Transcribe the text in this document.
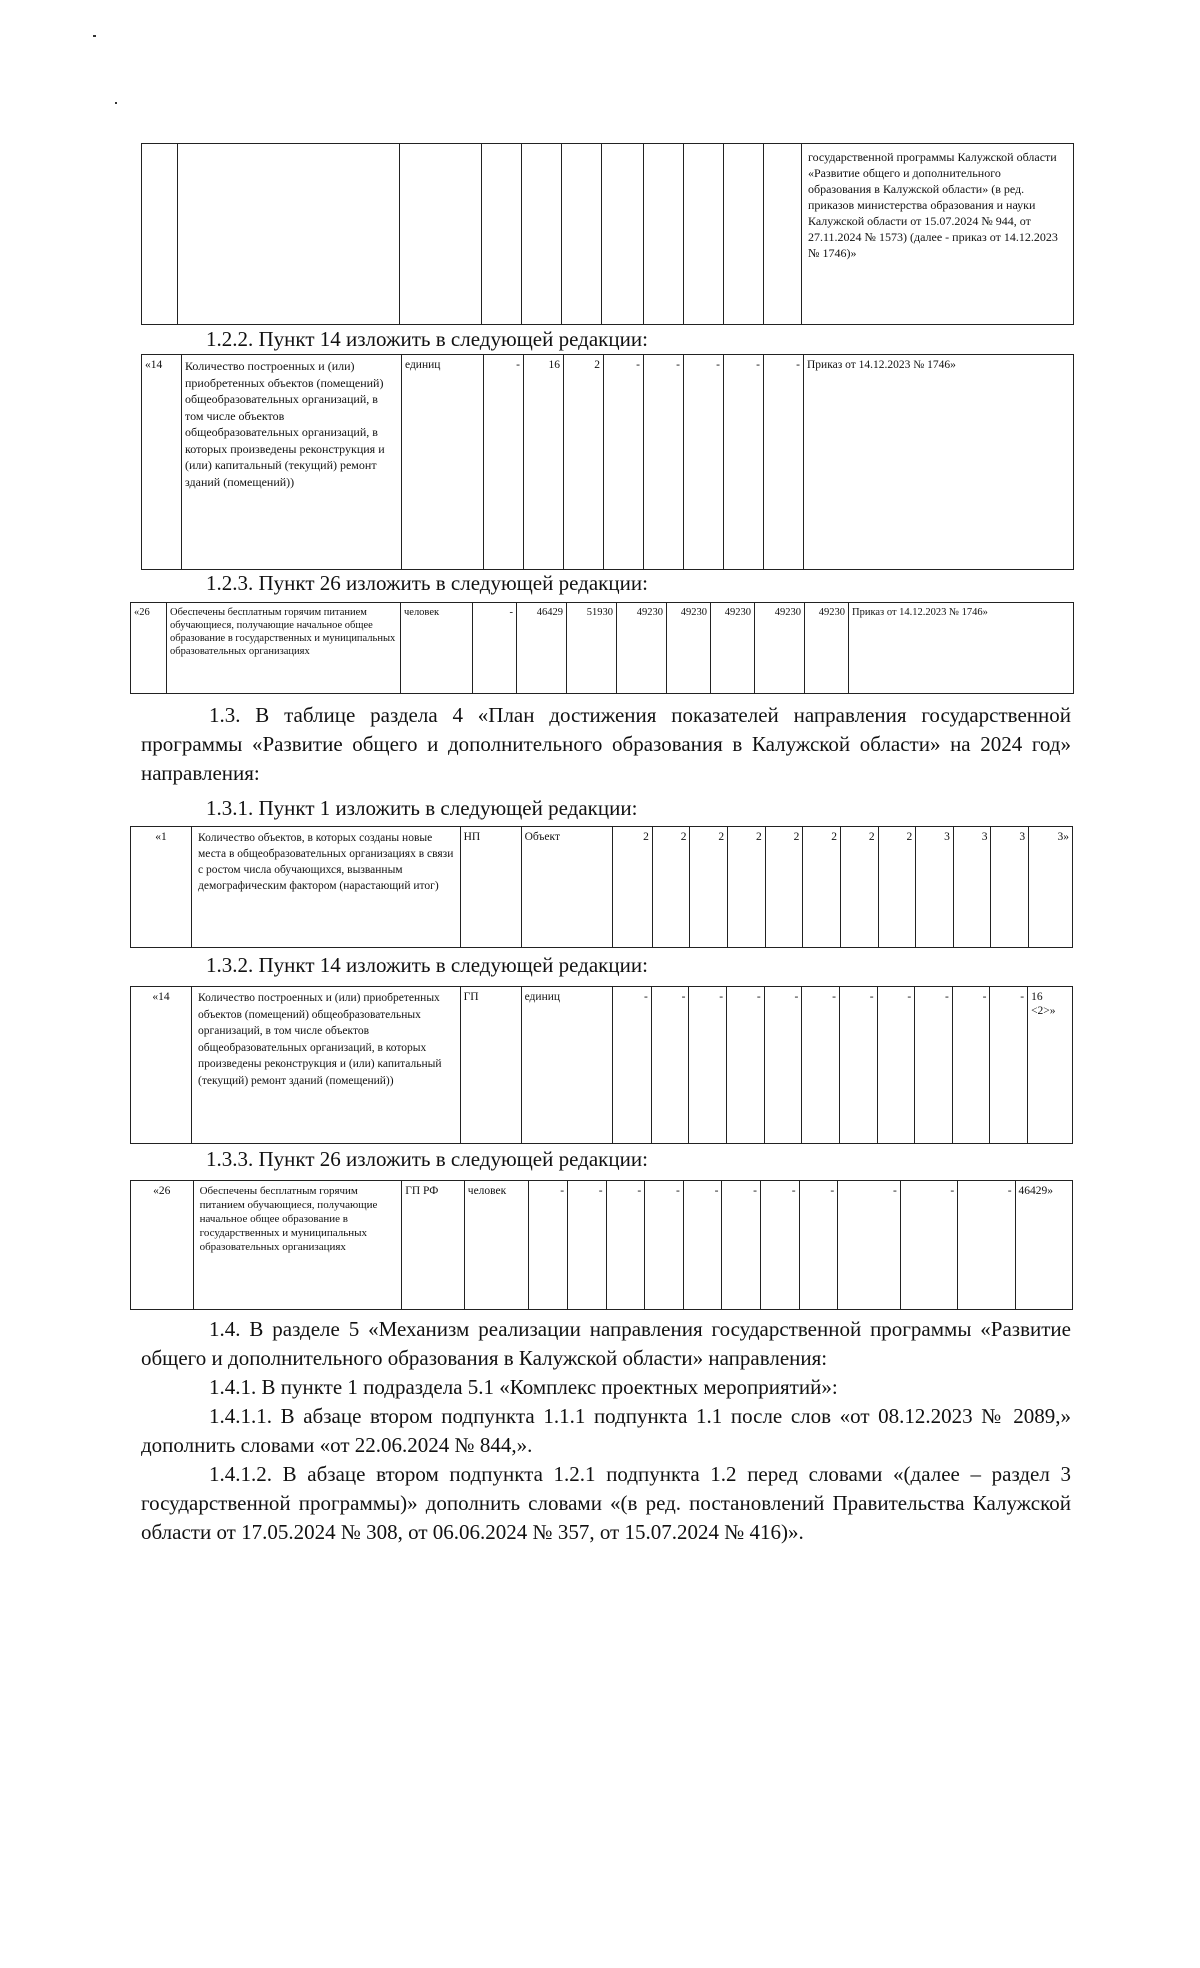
											государственной программы Калужской области «Развитие общего и дополнительного образования в Калужской области» (в ред. приказов министерства образования и науки Калужской области от 15.07.2024 № 944, от 27.11.2024 № 1573) (далее - приказ от 14.12.2023 № 1746)»
1.2.2. Пункт 14 изложить в следующей редакции:
«14	Количество построенных и (или) приобретенных объектов (помещений) общеобразовательных организаций, в том числе объектов общеобразовательных организаций, в которых произведены реконструкция и (или) капитальный (текущий) ремонт зданий (помещений))	единиц	-	16	2	-	-	-	-	-	Приказ от 14.12.2023 № 1746»
1.2.3. Пункт 26 изложить в следующей редакции:
«26	Обеспечены бесплатным горячим питанием обучающиеся, получающие начальное общее образование в государственных и муниципальных образовательных организациях	человек	-	46429	51930	49230	49230	49230	49230	49230	Приказ от 14.12.2023 № 1746»

1.3. В таблице раздела 4 «План достижения показателей направления государственной программы «Развитие общего и дополнительного образования в Калужской области» на 2024 год» направления:

1.3.1. Пункт 1 изложить в следующей редакции:
«1	Количество объектов, в которых созданы новые места в общеобразовательных организациях в связи с ростом числа обучающихся, вызванным демографическим фактором (нарастающий итог)	НП	Объект	2	2	2	2	2	2	2	2	3	3	3	3»
1.3.2. Пункт 14 изложить в следующей редакции:
«14	Количество построенных и (или) приобретенных объектов (помещений) общеобразовательных организаций, в том числе объектов общеобразовательных организаций, в которых произведены реконструкция и (или) капитальный (текущий) ремонт зданий (помещений))	ГП	единиц	-	-	-	-	-	-	-	-	-	-	-	16 <2>»
1.3.3. Пункт 26 изложить в следующей редакции:
«26	Обеспечены бесплатным горячим питанием обучающиеся, получающие начальное общее образование в государственных и муниципальных образовательных организациях	ГП РФ	человек	-	-	-	-	-	-	-	-	-	-	-	46429»

1.4. В разделе 5 «Механизм реализации направления государственной программы «Развитие общего и дополнительного образования в Калужской области» направления:

1.4.1. В пункте 1 подраздела 5.1 «Комплекс проектных мероприятий»:

1.4.1.1. В абзаце втором подпункта 1.1.1 подпункта 1.1 после слов «от 08.12.2023 № 2089,» дополнить словами «от 22.06.2024 № 844,».

1.4.1.2. В абзаце втором подпункта 1.2.1 подпункта 1.2 перед словами «(далее – раздел 3 государственной программы)» дополнить словами «(в ред. постановлений Правительства Калужской области от 17.05.2024 № 308, от 06.06.2024 № 357, от 15.07.2024 № 416)».
